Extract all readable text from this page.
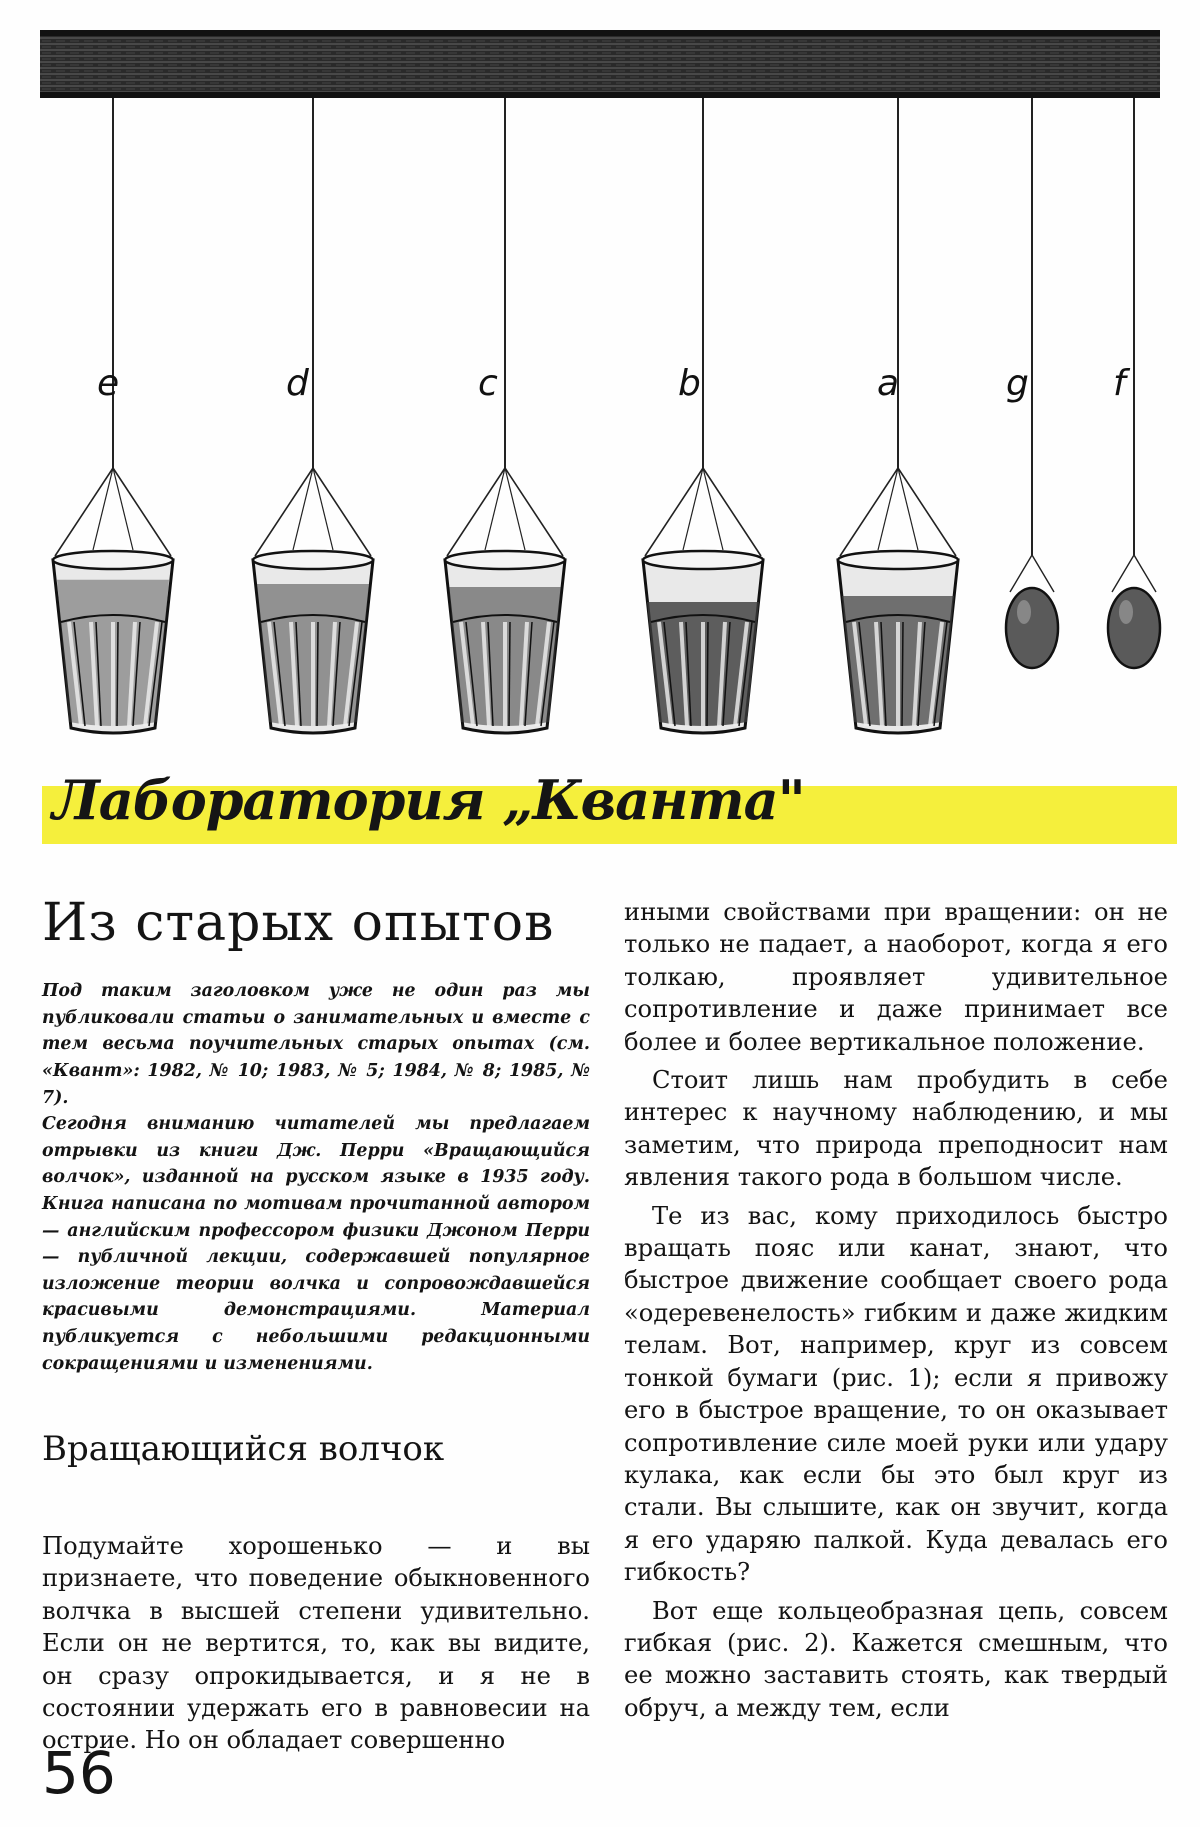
e	d	c	b	a	g f
Лаборатория „Кванта"
Из старых опытов

Под таким заголовком уже не один раз мы публиковали статьи о занимательных и вместе с тем весьма поучительных старых опытах (см. «Квант»: 1982, № 10; 1983, № 5; 1984, № 8; 1985, № 7).

Сегодня вниманию читателей мы предлагаем отрывки из книги Дж. Перри «Вращающийся волчок», изданной на русском языке в 1935 году. Книга написана по мотивам прочитанной автором — английским профессором физики Джоном Перри — публичной лекции, содержавшей популярное изложение теории волчка и сопровождавшейся красивыми демонстрациями. Материал публикуется с небольшими редакционными сокращениями и изменениями.

Вращающийся волчок

Подумайте хорошенько — и вы признаете, что поведение обыкновенного волчка в высшей степени удивительно. Если он не вертится, то, как вы видите, он сразу опрокидывается, и я не в состоянии удержать его в равновесии на острие. Но он обладает совершенно

иными свойствами при вращении: он не только не падает, а наоборот, когда я его толкаю, проявляет удивительное сопротивление и даже принимает все более и более вертикальное положение.

Стоит лишь нам пробудить в себе интерес к научному наблюдению, и мы заметим, что природа преподносит нам явления такого рода в большом числе.

Те из вас, кому приходилось быстро вращать пояс или канат, знают, что быстрое движение сообщает своего рода «одеревенелость» гибким и даже жидким телам. Вот, например, круг из совсем тонкой бумаги (рис. 1); если я привожу его в быстрое вращение, то он оказывает сопротивление силе моей руки или удару кулака, как если бы это был круг из стали. Вы слышите, как он звучит, когда я его ударяю палкой. Куда девалась его гибкость?

Вот еще кольцеобразная цепь, совсем гибкая (рис. 2). Кажется смешным, что ее можно заставить стоять, как твердый обруч, а между тем, если

56
